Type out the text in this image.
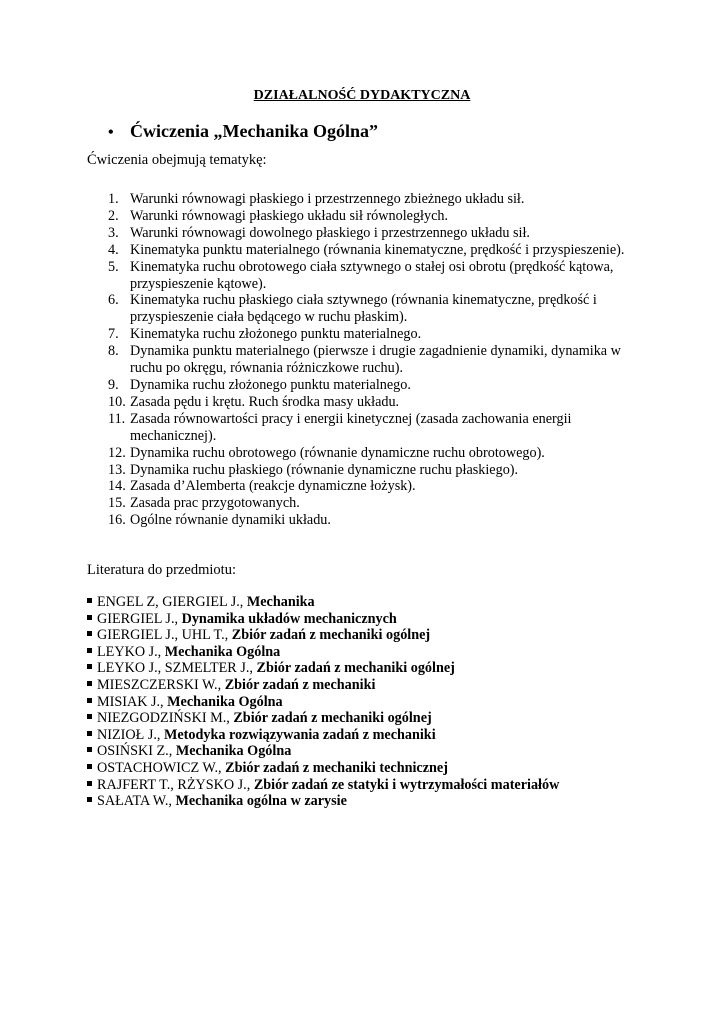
DZIAŁALNOŚĆ DYDAKTYCZNA
• Ćwiczenia „Mechanika Ogólna”
Ćwiczenia obejmują tematykę:
1. Warunki równowagi płaskiego i przestrzennego zbieżnego układu sił.
2. Warunki równowagi płaskiego układu sił równoległych.
3. Warunki równowagi dowolnego płaskiego i przestrzennego układu sił.
4. Kinematyka punktu materialnego (równania kinematyczne, prędkość i przyspieszenie).
5. Kinematyka ruchu obrotowego ciała sztywnego o stałej osi obrotu (prędkość kątowa, przyspieszenie kątowe).
6. Kinematyka ruchu płaskiego ciała sztywnego (równania kinematyczne, prędkość i przyspieszenie ciała będącego w ruchu płaskim).
7. Kinematyka ruchu złożonego punktu materialnego.
8. Dynamika punktu materialnego (pierwsze i drugie zagadnienie dynamiki, dynamika w ruchu po okręgu, równania różniczkowe ruchu).
9. Dynamika ruchu złożonego punktu materialnego.
10. Zasada pędu i krętu. Ruch środka masy układu.
11. Zasada równowartości pracy i energii kinetycznej (zasada zachowania energii mechanicznej).
12. Dynamika ruchu obrotowego (równanie dynamiczne ruchu obrotowego).
13. Dynamika ruchu płaskiego (równanie dynamiczne ruchu płaskiego).
14. Zasada d’Alemberta (reakcje dynamiczne łożysk).
15. Zasada prac przygotowanych.
16. Ogólne równanie dynamiki układu.
Literatura do przedmiotu:
ENGEL Z, GIERGIEL J., Mechanika
GIERGIEL J., Dynamika układów mechanicznych
GIERGIEL J., UHL T., Zbiór zadań z mechaniki ogólnej
LEYKO J., Mechanika Ogólna
LEYKO J., SZMELTER J., Zbiór zadań z mechaniki ogólnej
MIESZCZERSKI W., Zbiór zadań z mechaniki
MISIAK J., Mechanika Ogólna
NIEZGODZIŃSKI M., Zbiór zadań z mechaniki ogólnej
NIZIOŁ J., Metodyka rozwiązywania zadań z mechaniki
OSIŃSKI Z., Mechanika Ogólna
OSTACHOWICZ W., Zbiór zadań z mechaniki technicznej
RAJFERT T., RŻYSKO J., Zbiór zadań ze statyki i wytrzymałości materiałów
SAŁATA W., Mechanika ogólna w zarysie
